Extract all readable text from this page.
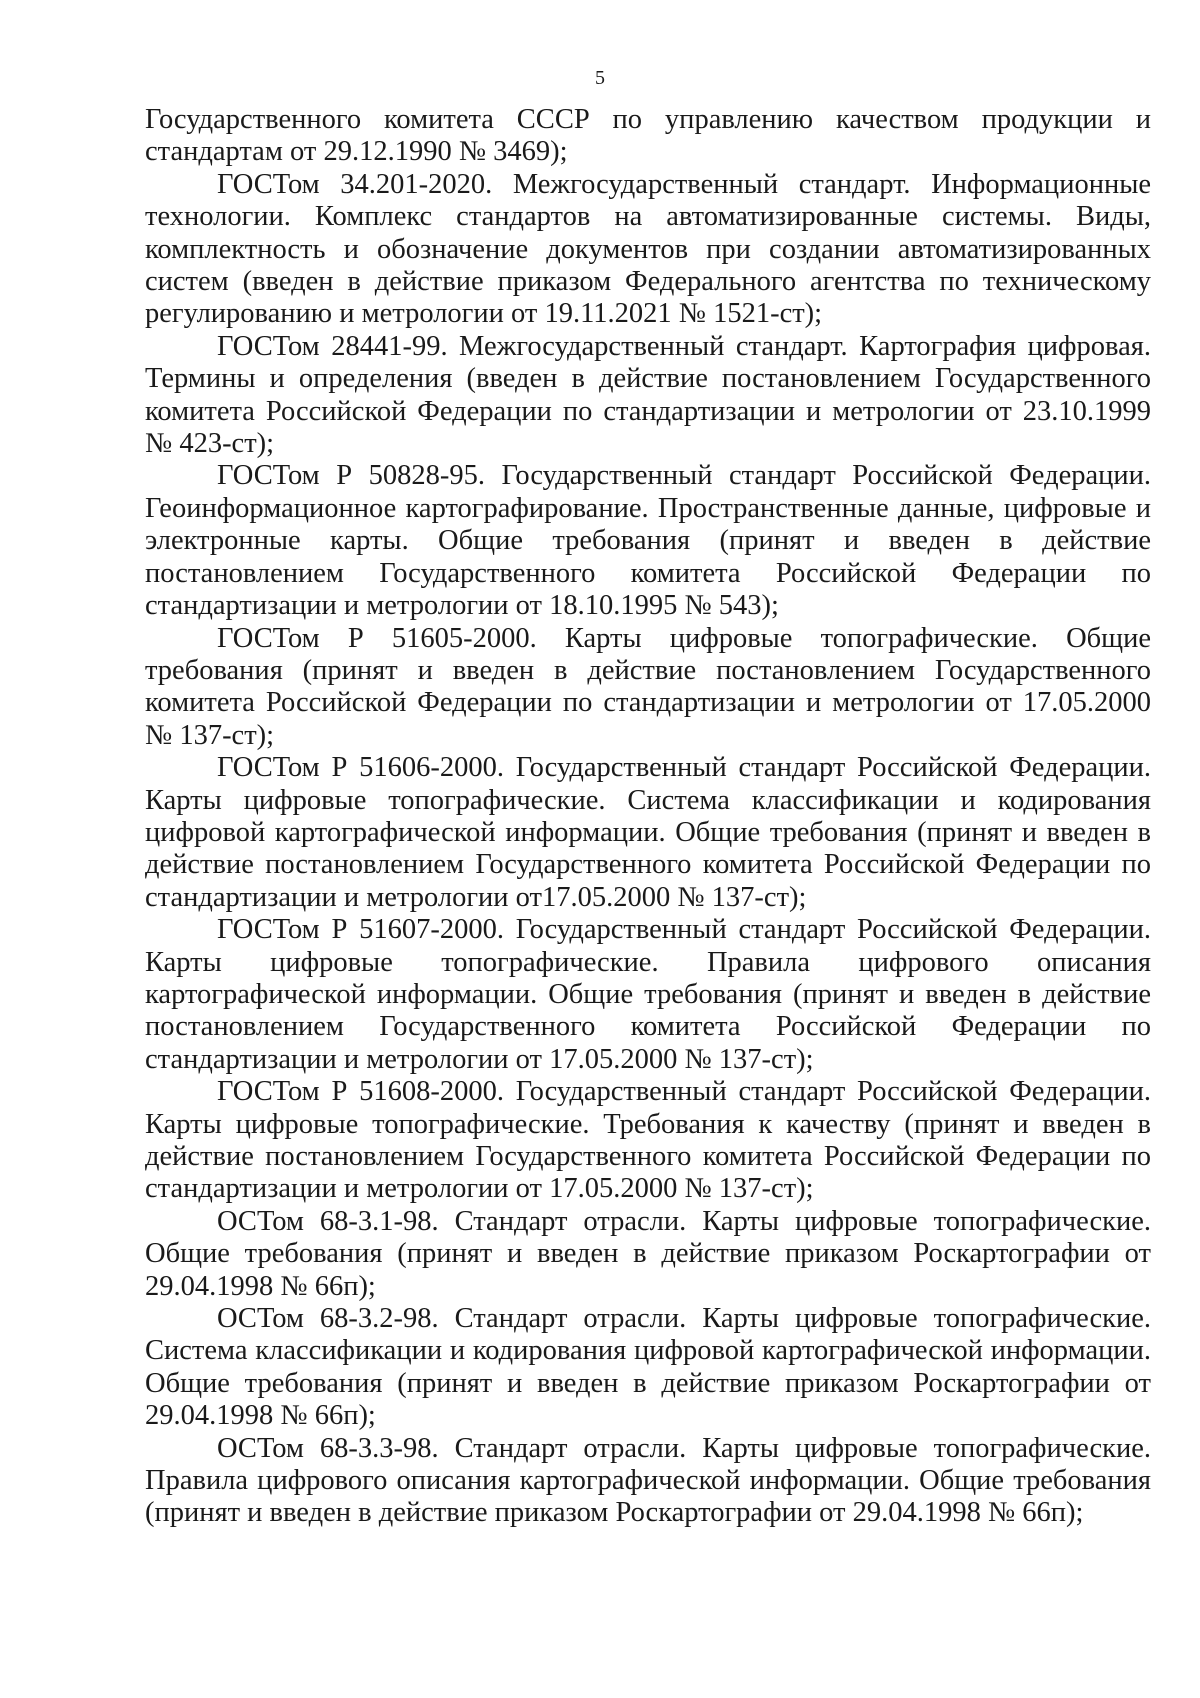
5

Государственного комитета СССР по управлению качеством продукции и стандартам от 29.12.1990 № 3469);

ГОСТом 34.201-2020. Межгосударственный стандарт. Информационные технологии. Комплекс стандартов на автоматизированные системы. Виды, комплектность и обозначение документов при создании автоматизированных систем (введен в действие приказом Федерального агентства по техническому регулированию и метрологии от 19.11.2021 № 1521-ст);

ГОСТом 28441-99. Межгосударственный стандарт. Картография цифровая. Термины и определения (введен в действие постановлением Государственного комитета Российской Федерации по стандартизации и метрологии от 23.10.1999 № 423-ст);

ГОСТом Р 50828-95. Государственный стандарт Российской Федерации. Геоинформационное картографирование. Пространственные данные, цифровые и электронные карты. Общие требования (принят и введен в действие постановлением Государственного комитета Российской Федерации по стандартизации и метрологии от 18.10.1995 № 543);

ГОСТом Р 51605-2000. Карты цифровые топографические. Общие требования (принят и введен в действие постановлением Государственного комитета Российской Федерации по стандартизации и метрологии от 17.05.2000 № 137-ст);

ГОСТом Р 51606-2000. Государственный стандарт Российской Федерации. Карты цифровые топографические. Система классификации и кодирования цифровой картографической информации. Общие требования (принят и введен в действие постановлением Государственного комитета Российской Федерации по стандартизации и метрологии от17.05.2000 № 137-ст);

ГОСТом Р 51607-2000. Государственный стандарт Российской Федерации. Карты цифровые топографические. Правила цифрового описания картографической информации. Общие требования (принят и введен в действие постановлением Государственного комитета Российской Федерации по стандартизации и метрологии от 17.05.2000 № 137-ст);

ГОСТом Р 51608-2000. Государственный стандарт Российской Федерации. Карты цифровые топографические. Требования к качеству (принят и введен в действие постановлением Государственного комитета Российской Федерации по стандартизации и метрологии от 17.05.2000 № 137-ст);

ОСТом 68-3.1-98. Стандарт отрасли. Карты цифровые топографические. Общие требования (принят и введен в действие приказом Роскартографии от 29.04.1998 № 66п);

ОСТом 68-3.2-98. Стандарт отрасли. Карты цифровые топографические. Система классификации и кодирования цифровой картографической информации. Общие требования (принят и введен в действие приказом Роскартографии от 29.04.1998 № 66п);

ОСТом 68-3.3-98. Стандарт отрасли. Карты цифровые топографические. Правила цифрового описания картографической информации. Общие требования (принят и введен в действие приказом Роскартографии от 29.04.1998 № 66п);
